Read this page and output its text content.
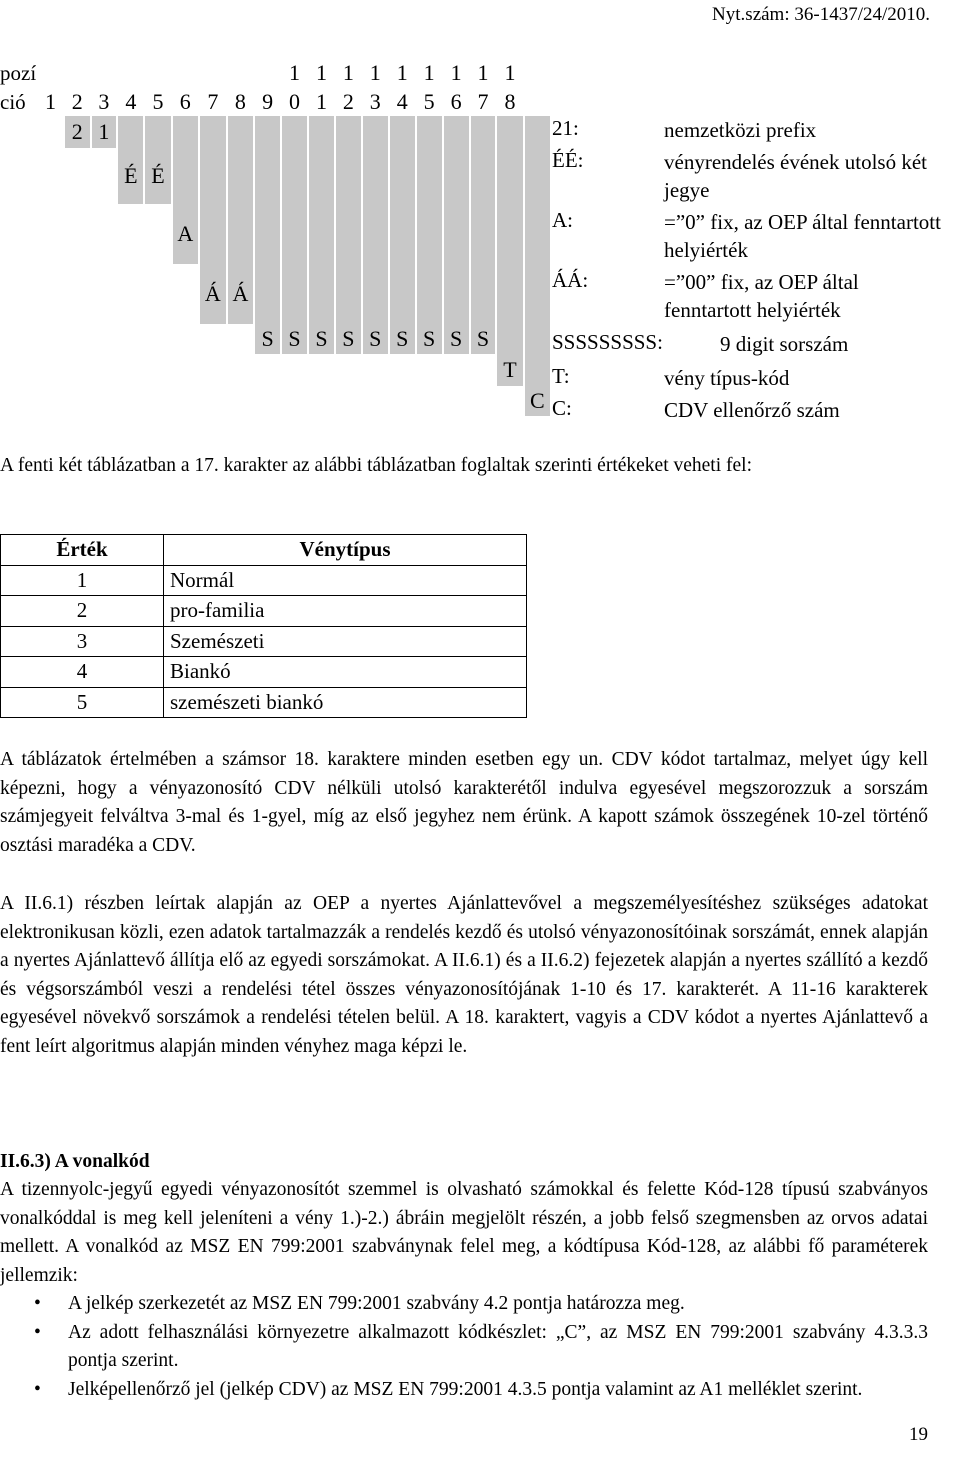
Nyt.szám: 36-1437/24/2010.
pozí										1	1	1	1	1	1	1	1	1	
ció	1	2	3	4	5	6	7	8	9	0	1	2	3	4	5	6	7	8	
		2	1																
				É	É														
						A													
							Á	Á											
									S	S	S	S	S	S	S	S	S		
																		T	
																			C
21:	nemzetközi prefix
ÉÉ:	vényrendelés évének utolsó két jegye
A:	=”0” fix, az OEP által fenntartott helyiérték
ÁÁ:	=”00” fix, az OEP által fenntartott helyiérték
SSSSSSSSS:	9 digit sorszám
T:	vény típus-kód
C:	CDV ellenőrző szám
A fenti két táblázatban a 17. karakter az alábbi táblázatban foglaltak szerinti értékeket veheti fel:
Érték	Vénytípus
1	Normál
2	pro-familia
3	Szemészeti
4	Biankó
5	szemészeti biankó
A táblázatok értelmében a számsor 18. karaktere minden esetben egy un. CDV kódot tartalmaz, melyet úgy kell képezni, hogy a vényazonosító CDV nélküli utolsó karakterétől indulva egyesével megszorozzuk a sorszám számjegyeit felváltva 3-mal és 1-gyel, míg az első jegyhez nem érünk. A kapott számok összegének 10-zel történő osztási maradéka a CDV.
A II.6.1) részben leírtak alapján az OEP a nyertes Ajánlattevővel a megszemélyesítéshez szükséges adatokat elektronikusan közli, ezen adatok tartalmazzák a rendelés kezdő és utolsó vényazonosítóinak sorszámát, ennek alapján a nyertes Ajánlattevő állítja elő az egyedi sorszámokat. A II.6.1) és a II.6.2) fejezetek alapján a nyertes szállító a kezdő és végsorszámból veszi a rendelési tétel összes vényazonosítójának 1-10 és 17. karakterét. A 11-16 karakterek egyesével növekvő sorszámok a rendelési tételen belül. A 18. karaktert, vagyis a CDV kódot a nyertes Ajánlattevő a fent leírt algoritmus alapján minden vényhez maga képzi le.
II.6.3) A vonalkód
A tizennyolc-jegyű egyedi vényazonosítót szemmel is olvasható számokkal és felette Kód-128 típusú szabványos vonalkóddal is meg kell jeleníteni a vény 1.)-2.) ábráin megjelölt részén, a jobb felső szegmensben az orvos adatai mellett. A vonalkód az MSZ EN 799:2001 szabványnak felel meg, a kódtípusa Kód-128, az alábbi fő paraméterek jellemzik:
• A jelkép szerkezetét az MSZ EN 799:2001 szabvány 4.2 pontja határozza meg.
• Az adott felhasználási környezetre alkalmazott kódkészlet: „C”, az MSZ EN 799:2001 szabvány 4.3.3.3 pontja szerint.
• Jelképellenőrző jel (jelkép CDV) az MSZ EN 799:2001 4.3.5 pontja valamint az A1 melléklet szerint.
19
